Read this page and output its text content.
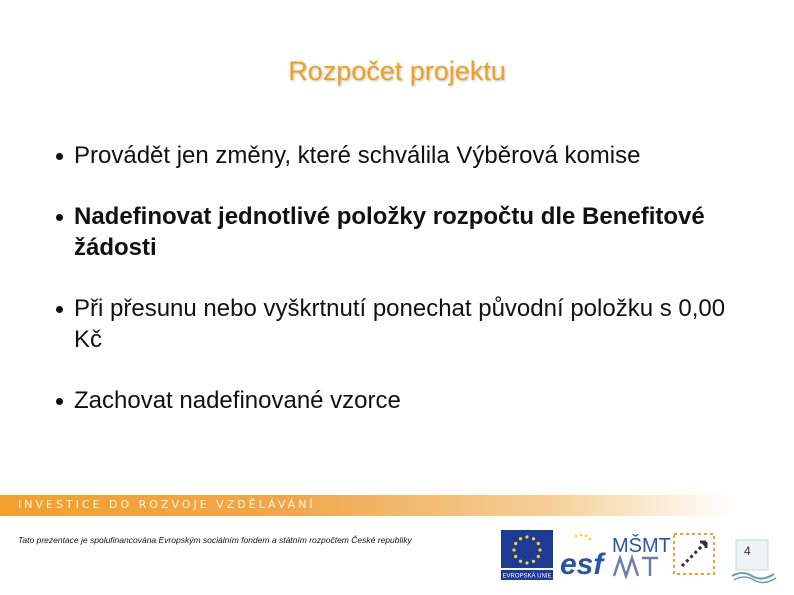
Rozpočet projektu
Provádět jen změny, které schválila Výběrová komise
Nadefinovat jednotlivé položky rozpočtu dle Benefitové žádosti
Při přesunu nebo vyškrtnutí ponechat původní položku s 0,00 Kč
Zachovat nadefinované vzorce
INVESTICE DO ROZVOJE VZDĚLÁVÁNÍ
Tato prezentace je spolufinancována Evropským sociálním fondem a státním rozpočtem České republiky
EVROPSKÁ UNIE esf
MŠMT	4
